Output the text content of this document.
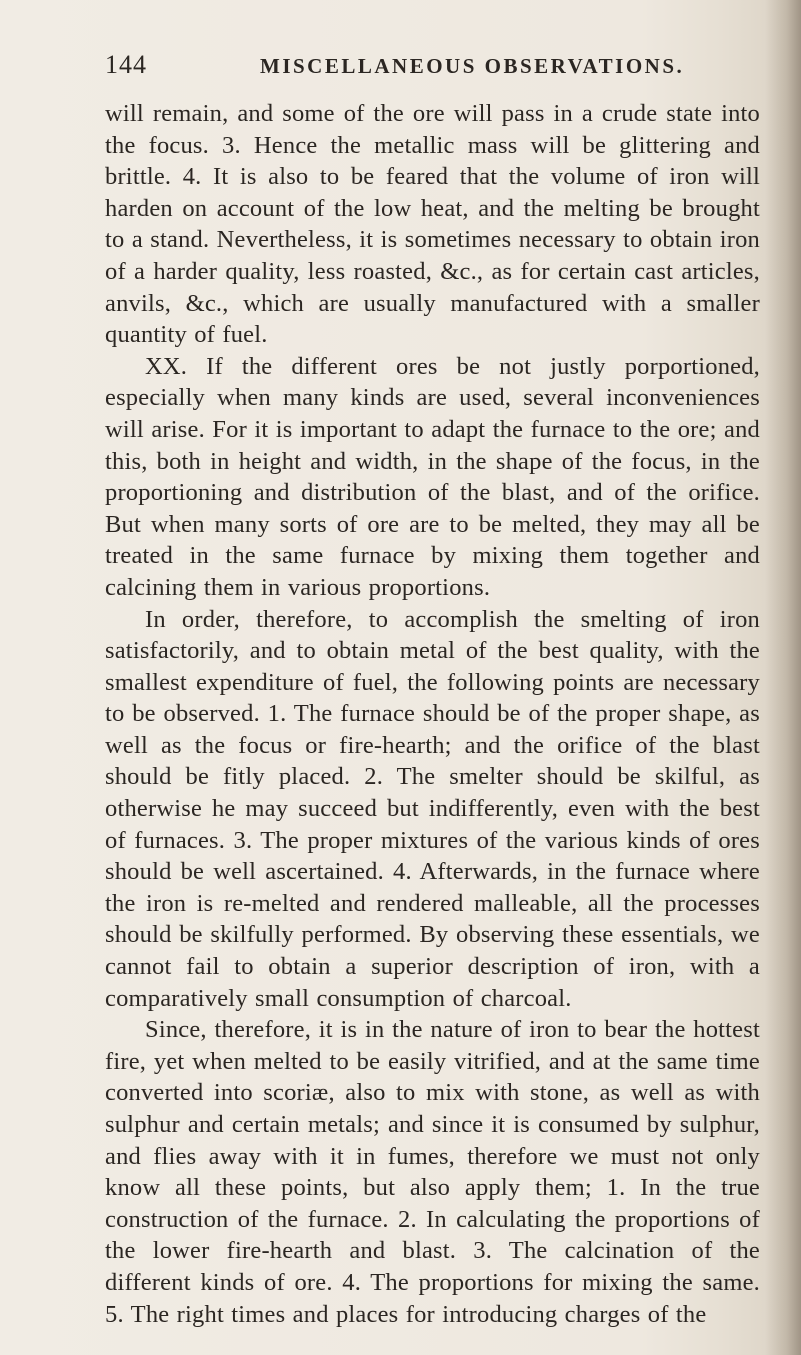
144	MISCELLANEOUS OBSERVATIONS.

will remain, and some of the ore will pass in a crude state into the focus. 3. Hence the metallic mass will be glittering and brittle. 4. It is also to be feared that the volume of iron will harden on account of the low heat, and the melting be brought to a stand. Nevertheless, it is sometimes necessary to obtain iron of a harder quality, less roasted, &c., as for certain cast articles, anvils, &c., which are usually manufactured with a smaller quantity of fuel.

XX. If the different ores be not justly porportioned, especially when many kinds are used, several inconveniences will arise. For it is important to adapt the furnace to the ore; and this, both in height and width, in the shape of the focus, in the proportioning and distribution of the blast, and of the orifice. But when many sorts of ore are to be melted, they may all be treated in the same furnace by mixing them together and calcining them in various proportions.

In order, therefore, to accomplish the smelting of iron satisfactorily, and to obtain metal of the best quality, with the smallest expenditure of fuel, the following points are necessary to be observed. 1. The furnace should be of the proper shape, as well as the focus or fire-hearth; and the orifice of the blast should be fitly placed. 2. The smelter should be skilful, as otherwise he may succeed but indifferently, even with the best of furnaces. 3. The proper mixtures of the various kinds of ores should be well ascertained. 4. Afterwards, in the furnace where the iron is re-melted and rendered malleable, all the processes should be skilfully performed. By observing these essentials, we cannot fail to obtain a superior description of iron, with a comparatively small consumption of charcoal.

Since, therefore, it is in the nature of iron to bear the hottest fire, yet when melted to be easily vitrified, and at the same time converted into scoriæ, also to mix with stone, as well as with sulphur and certain metals; and since it is consumed by sulphur, and flies away with it in fumes, therefore we must not only know all these points, but also apply them; 1. In the true construction of the furnace. 2. In calculating the proportions of the lower fire-hearth and blast. 3. The calcination of the different kinds of ore. 4. The proportions for mixing the same. 5. The right times and places for introducing charges of the
